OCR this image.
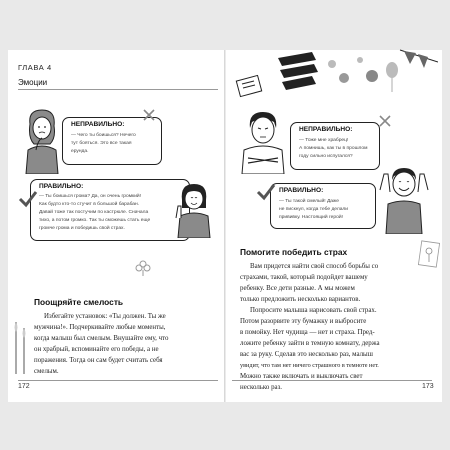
ГЛАВА 4
Эмоции
НЕПРАВИЛЬНО:
— Чего ты боишься? Нечего
тут бояться. Это все такая
ерунда.
ПРАВИЛЬНО:
— Ты боишься грома? Да, он очень громкий!
Как будто кто-то стучит в большой барабан.
Давай тоже так постучим по кастрюле. Сначала
тихо, а потом громко. Так ты сможешь стать еще
громче грома и победишь свой страх.
Поощряйте смелость
Избегайте установок: «Ты должен. Ты же
мужчина!». Подчеркивайте любые моменты,
когда малыш был смелым. Внушайте ему, что
он храбрый, вспоминайте его победы, а не
поражения. Тогда он сам будет считать себя
смелым.
172
НЕПРАВИЛЬНО:
— Тоже мне храбрец!
А помнишь, как ты в прошлом
году сильно испугался?
ПРАВИЛЬНО:
— Ты такой смелый! Даже
не пискнул, когда тебе делали
прививку. Настоящий герой!
Помогите победить страх
Вам придется найти свой способ борьбы со
страхами, такой, который подойдет вашему
ребенку. Все дети разные. А мы можем
только предложить несколько вариантов.
Попросите малыша нарисовать свой страх.
Потом разорвите эту бумажку и выбросите
в помойку. Нет чудища — нет и страха. Пред-
ложите ребенку зайти в темную комнату, держа
вас за руку. Сделав это несколько раз, малыш
увидит, что там нет ничего страшного в темноте нет.
Можно также включать и выключать свет
несколько раз.	173
